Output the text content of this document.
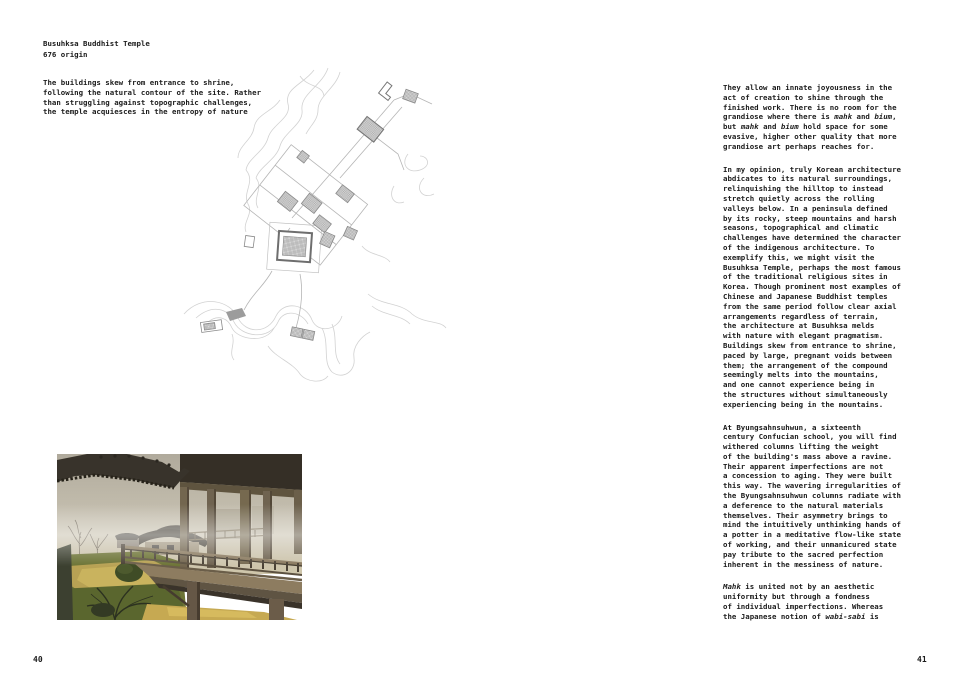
Busuhksa Buddhist Temple
676 origin
The buildings skew from entrance to shrine,
following the natural contour of the site. Rather
than struggling against topographic challenges,
the temple acquiesces in the entropy of nature
40
They allow an innate joyousness in the
act of creation to shine through the
finished work. There is no room for the
grandiose where there is mahk and bium,
but mahk and bium hold space for some
evasive, higher other quality that more
grandiose art perhaps reaches for.
In my opinion, truly Korean architecture
abdicates to its natural surroundings,
relinquishing the hilltop to instead
stretch quietly across the rolling
valleys below. In a peninsula defined
by its rocky, steep mountains and harsh
seasons, topographical and climatic
challenges have determined the character
of the indigenous architecture. To
exemplify this, we might visit the
Busuhksa Temple, perhaps the most famous
of the traditional religious sites in
Korea. Though prominent most examples of
Chinese and Japanese Buddhist temples
from the same period follow clear axial
arrangements regardless of terrain,
the architecture at Busuhksa melds
with nature with elegant pragmatism.
Buildings skew from entrance to shrine,
paced by large, pregnant voids between
them; the arrangement of the compound
seemingly melts into the mountains,
and one cannot experience being in
the structures without simultaneously
experiencing being in the mountains.
At Byungsahnsuhwun, a sixteenth
century Confucian school, you will find
withered columns lifting the weight
of the building's mass above a ravine.
Their apparent imperfections are not
a concession to aging. They were built
this way. The wavering irregularities of
the Byungsahnsuhwun columns radiate with
a deference to the natural materials
themselves. Their asymmetry brings to
mind the intuitively unthinking hands of
a potter in a meditative flow-like state
of working, and their unmanicured state
pay tribute to the sacred perfection
inherent in the messiness of nature.
Mahk is united not by an aesthetic
uniformity but through a fondness
of individual imperfections. Whereas
the Japanese notion of wabi-sabi is
41
